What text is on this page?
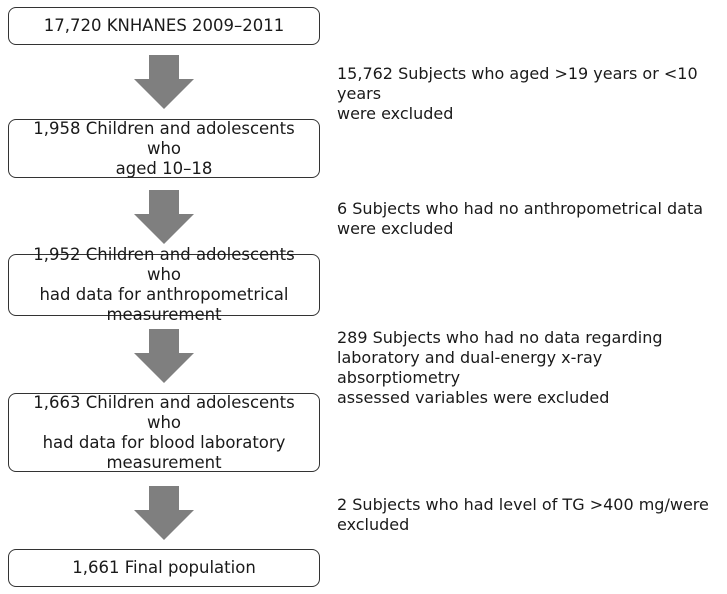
17,720 KNHANES 2009–2011
1,958 Children and adolescents who
aged 10–18
1,952 Children and adolescents who
had data for anthropometrical
measurement
1,663 Children and adolescents who
had data for blood laboratory
measurement
1,661 Final population
15,762 Subjects who aged >19 years or <10 years
were excluded
6 Subjects who had no anthropometrical data
were excluded
289 Subjects who had no data regarding
laboratory and dual-energy x-ray absorptiometry
assessed variables were excluded
2 Subjects who had level of TG >400 mg/were
excluded
